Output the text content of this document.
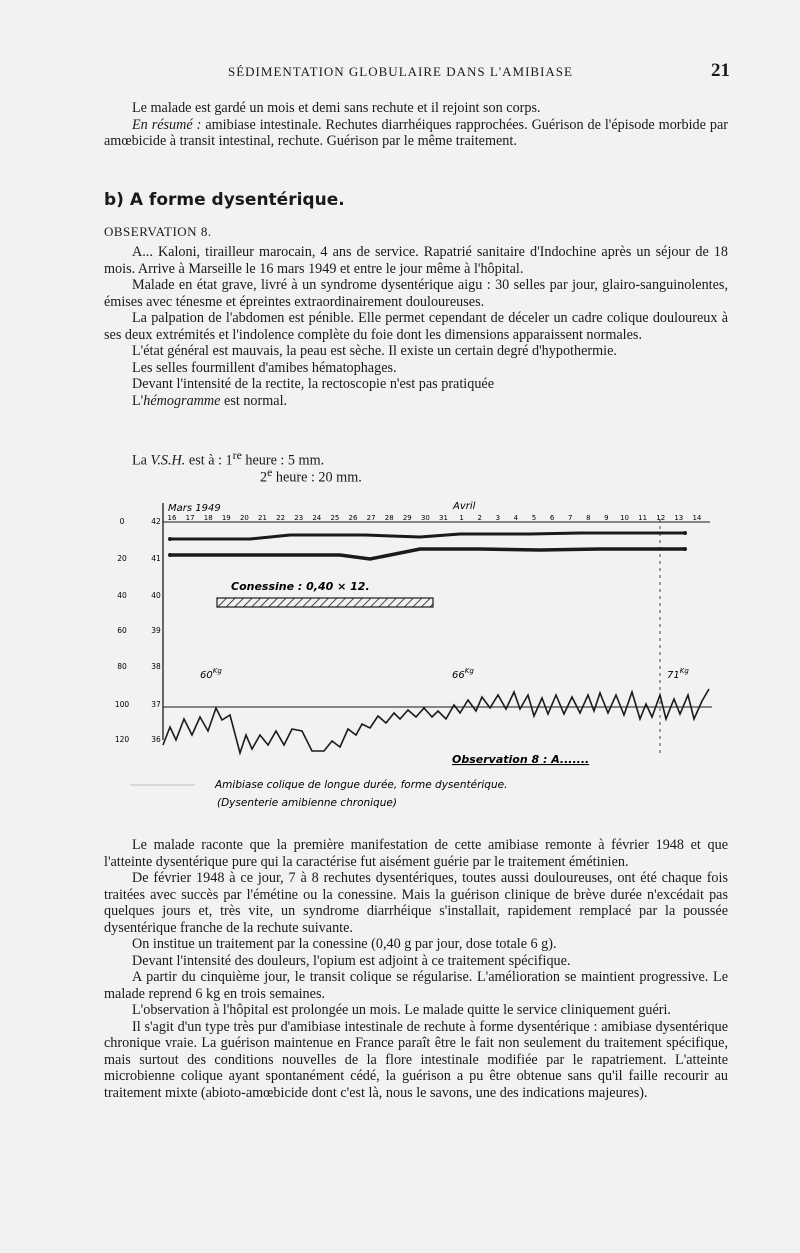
SÉDIMENTATION GLOBULAIRE DANS L'AMIBIASE	21

Le malade est gardé un mois et demi sans rechute et il rejoint son corps.

En résumé : amibiase intestinale. Rechutes diarrhéiques rapprochées. Guérison de l'épisode morbide par amœbicide à transit intestinal, rechute. Guérison par le même traitement.

b) A forme dysentérique.
OBSERVATION 8.

A... Kaloni, tirailleur marocain, 4 ans de service. Rapatrié sanitaire d'Indochine après un séjour de 18 mois. Arrive à Marseille le 16 mars 1949 et entre le jour même à l'hôpital.

Malade en état grave, livré à un syndrome dysentérique aigu : 30 selles par jour, glairo-sanguinolentes, émises avec ténesme et épreintes extraordinairement douloureuses.

La palpation de l'abdomen est pénible. Elle permet cependant de déceler un cadre colique douloureux à ses deux extrémités et l'indolence complète du foie dont les dimensions apparaissent normales.

L'état général est mauvais, la peau est sèche. Il existe un certain degré d'hypothermie.

Les selles fourmillent d'amibes hématophages.

Devant l'intensité de la rectite, la rectoscopie n'est pas pratiquée

L'hémogramme est normal.

La V.S.H. est à : 1re heure : 5 mm.
2e heure : 20 mm.
16 17 18 19 20 21 22 23 24 25 26 27 28 29 30 31 1 2 3 4 5 6 7 8 9 10 11 12 13 14
0
20
40
60
80
100
120
42
41
40
39
38
37
36
Mars 1949	Avril
Conessine : 0,40 × 12.
$60^{Kg}$	$66^{Kg}$	$71^{Kg}$
Observation 8 : A.......
Amibiase colique de longue durée, forme dysentérique.
(Dysenterie amibienne chronique)

Le malade raconte que la première manifestation de cette amibiase remonte à février 1948 et que l'atteinte dysentérique pure qui la caractérise fut aisément guérie par le traitement émétinien.

De février 1948 à ce jour, 7 à 8 rechutes dysentériques, toutes aussi douloureuses, ont été chaque fois traitées avec succès par l'émétine ou la conessine. Mais la guérison clinique de brève durée n'excédait pas quelques jours et, très vite, un syndrome diarrhéique s'installait, rapidement remplacé par la poussée dysentérique franche de la rechute suivante.

On institue un traitement par la conessine (0,40 g par jour, dose totale 6 g).

Devant l'intensité des douleurs, l'opium est adjoint à ce traitement spécifique.

A partir du cinquième jour, le transit colique se régularise. L'amélioration se maintient progressive. Le malade reprend 6 kg en trois semaines.

L'observation à l'hôpital est prolongée un mois. Le malade quitte le service cliniquement guéri.

Il s'agit d'un type très pur d'amibiase intestinale de rechute à forme dysentérique : amibiase dysentérique chronique vraie. La guérison maintenue en France paraît être le fait non seulement du traitement spécifique, mais surtout des conditions nouvelles de la flore intestinale modifiée par le rapatriement. L'atteinte microbienne colique ayant spontanément cédé, la guérison a pu être obtenue sans qu'il faille recourir au traitement mixte (abioto-amœbicide dont c'est là, nous le savons, une des indications majeures).
